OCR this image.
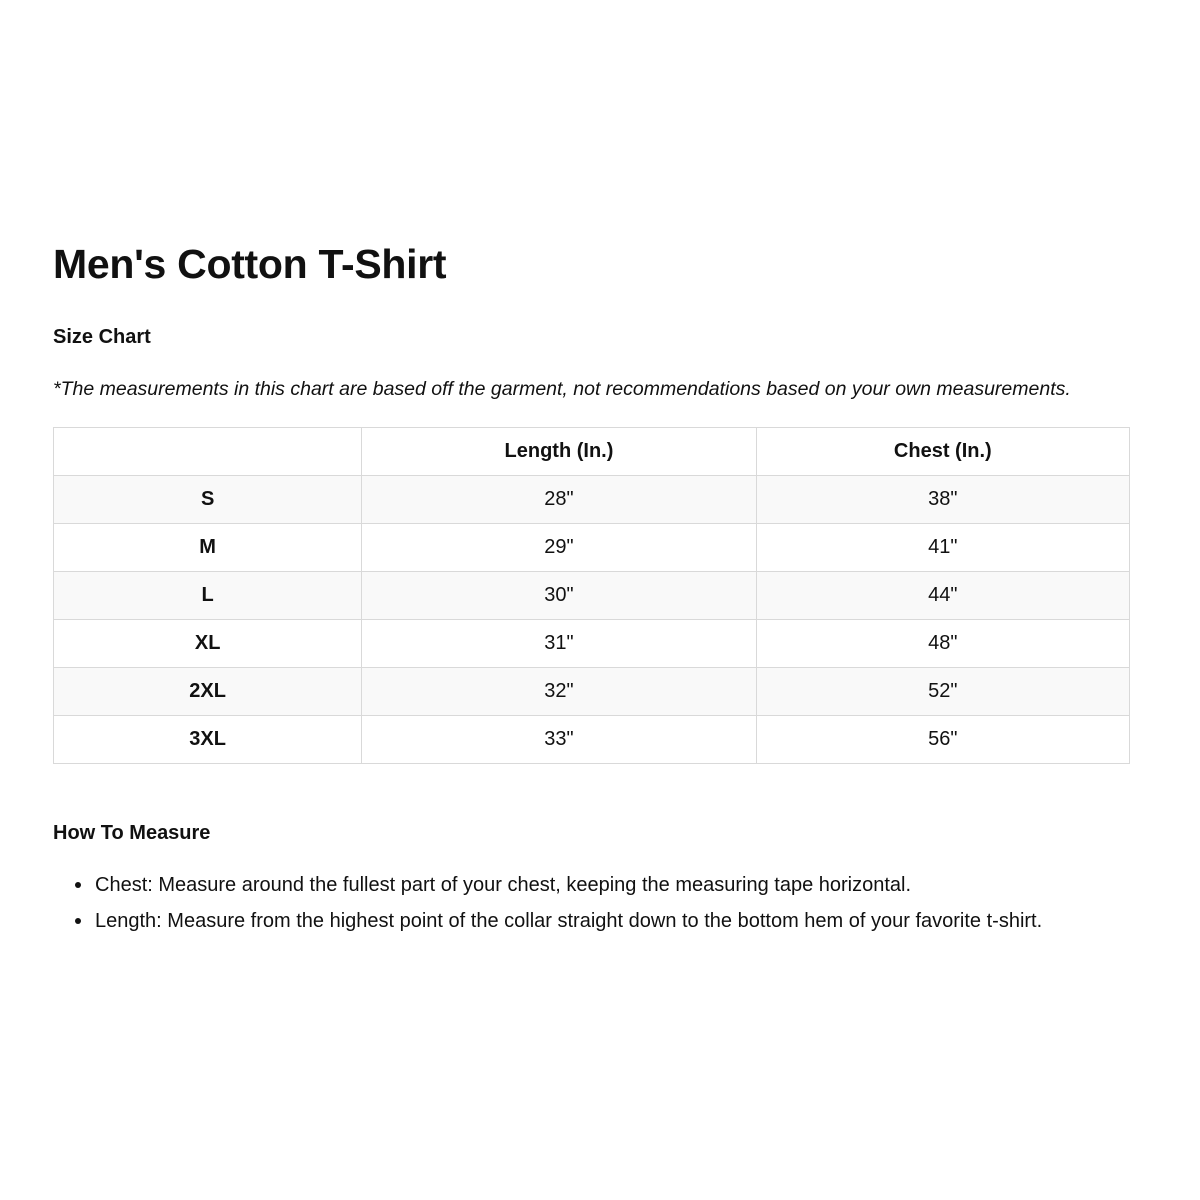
Men's Cotton T-Shirt
Size Chart

*The measurements in this chart are based off the garment, not recommendations based on your own measurements.

	Length (In.)	Chest (In.)
S	28"	38"
M	29"	41"
L	30"	44"
XL	31"	48"
2XL	32"	52"
3XL	33"	56"
How To Measure
Chest: Measure around the fullest part of your chest, keeping the measuring tape horizontal.
Length: Measure from the highest point of the collar straight down to the bottom hem of your favorite t-shirt.
